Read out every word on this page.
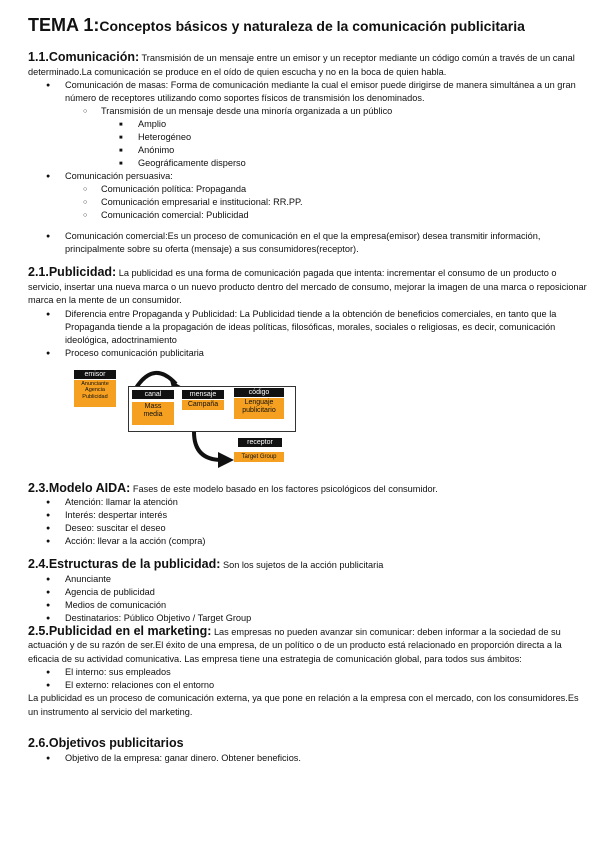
TEMA 1:Conceptos básicos y naturaleza de la comunicación publicitaria

1.1.Comunicación: Transmisión de un mensaje entre un emisor y un receptor mediante un código común a través de un canal determinado.La comunicación se produce en el oído de quien escucha y no en la boca de quien habla.

● Comunicación de masas: Forma de comunicación mediante la cual el emisor puede dirigirse de manera simultánea a un gran número de receptores utilizando como soportes físicos de transmisión los denominados.
○ Transmisión de un mensaje desde una minoría organizada a un público
■ Amplio
■ Heterogéneo
■ Anónimo
■ Geográficamente disperso
● Comunicación persuasiva:
○ Comunicación política: Propaganda
○ Comunicación empresarial e institucional: RR.PP.
○ Comunicación comercial: Publicidad
● Comunicación comercial:Es un proceso de comunicación en el que la empresa(emisor) desea transmitir información, principalmente sobre su oferta (mensaje) a sus consumidores(receptor).

2.1.Publicidad: La publicidad es una forma de comunicación pagada que intenta: incrementar el consumo de un producto o servicio, insertar una nueva marca o un nuevo producto dentro del mercado de consumo, mejorar la imagen de una marca o reposicionar marca en la mente de un consumidor.

● Diferencia entre Propaganda y Publicidad: La Publicidad tiende a la obtención de beneficios comerciales, en tanto que la Propaganda tiende a la propagación de ideas políticas, filosóficas, morales, sociales o religiosas, es decir, comunicación ideológica, adoctrinamiento
● Proceso comunicación publicitaria
emisor
Anunciante
Agencia
Publicidad	canal
Mass
media
mensaje
Campaña
código
Lenguaje
publicitario
receptor
Target Group

2.3.Modelo AIDA: Fases de este modelo basado en los factores psicológicos del consumidor.

● Atención: llamar la atención
● Interés: despertar interés
● Deseo: suscitar el deseo
● Acción: llevar a la acción (compra)

2.4.Estructuras de la publicidad: Son los sujetos de la acción publicitaria

● Anunciante
● Agencia de publicidad
● Medios de comunicación
● Destinatarios: Público Objetivo / Target Group

2.5.Publicidad en el marketing: Las empresas no pueden avanzar sin comunicar: deben informar a la sociedad de su actuación y de su razón de ser.El éxito de una empresa, de un político o de un producto está relacionado en proporción directa a la eficacia de su actividad comunicativa. Las empresa tiene una estrategia de comunicación global, para todos sus ámbitos:

● El interno: sus empleados
● El externo: relaciones con el entorno

La publicidad es un proceso de comunicación externa, ya que pone en relación a la empresa con el mercado, con los consumidores.Es un instrumento al servicio del marketing.

2.6.Objetivos publicitarios

● Objetivo de la empresa: ganar dinero. Obtener beneficios.
